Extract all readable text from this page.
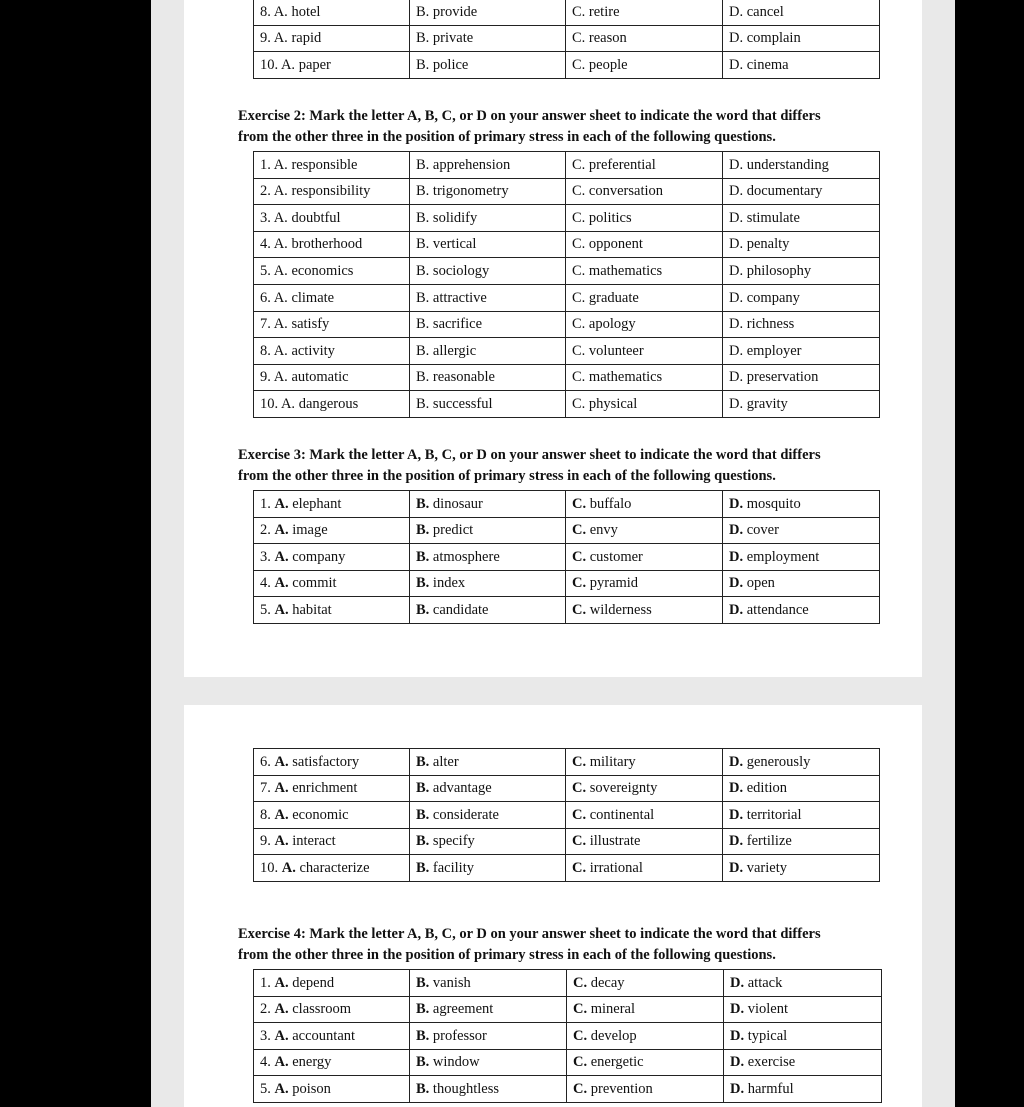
8. A. hotel	B. provide	C. retire	D. cancel
9. A. rapid	B. private	C. reason	D. complain
10. A. paper	B. police	C. people	D. cinema
Exercise 2: Mark the letter A, B, C, or D on your answer sheet to indicate the word that differs
from the other three in the position of primary stress in each of the following questions.
1. A. responsible	B. apprehension	C. preferential	D. understanding
2. A. responsibility	B. trigonometry	C. conversation	D. documentary
3. A. doubtful	B. solidify	C. politics	D. stimulate
4. A. brotherhood	B. vertical	C. opponent	D. penalty
5. A. economics	B. sociology	C. mathematics	D. philosophy
6. A. climate	B. attractive	C. graduate	D. company
7. A. satisfy	B. sacrifice	C. apology	D. richness
8. A. activity	B. allergic	C. volunteer	D. employer
9. A. automatic	B. reasonable	C. mathematics	D. preservation
10. A. dangerous	B. successful	C. physical	D. gravity
Exercise 3: Mark the letter A, B, C, or D on your answer sheet to indicate the word that differs
from the other three in the position of primary stress in each of the following questions.
1. A. elephant	B. dinosaur	C. buffalo	D. mosquito
2. A. image	B. predict	C. envy	D. cover
3. A. company	B. atmosphere	C. customer	D. employment
4. A. commit	B. index	C. pyramid	D. open
5. A. habitat	B. candidate	C. wilderness	D. attendance
6. A. satisfactory	B. alter	C. military	D. generously
7. A. enrichment	B. advantage	C. sovereignty	D. edition
8. A. economic	B. considerate	C. continental	D. territorial
9. A. interact	B. specify	C. illustrate	D. fertilize
10. A. characterize	B. facility	C. irrational	D. variety
Exercise 4: Mark the letter A, B, C, or D on your answer sheet to indicate the word that differs
from the other three in the position of primary stress in each of the following questions.
1. A. depend	B. vanish	C. decay	D. attack
2. A. classroom	B. agreement	C. mineral	D. violent
3. A. accountant	B. professor	C. develop	D. typical
4. A. energy	B. window	C. energetic	D. exercise
5. A. poison	B. thoughtless	C. prevention	D. harmful
